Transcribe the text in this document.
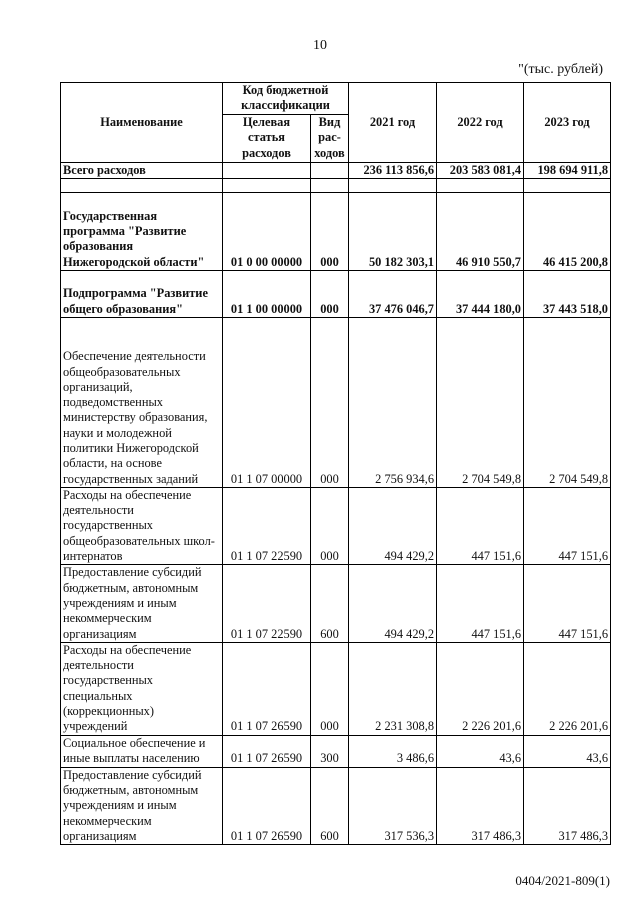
10
"(тыс. рублей)
Наименование	Код бюджетной классификации		2021 год	2022 год	2023 год
	Целевая статья расходов	Вид рас- ходов			
Всего расходов			236 113 856,6	203 583 081,4	198 694 911,8

Государственная программа "Развитие образования Нижегородской области"	01 0 00 00000	000	50 182 303,1	46 910 550,7	46 415 200,8
Подпрограмма "Развитие общего образования"	01 1 00 00000	000	37 476 046,7	37 444 180,0	37 443 518,0
Обеспечение деятельности общеобразовательных организаций, подведомственных министерству образования, науки и молодежной политики Нижегородской области, на основе государственных заданий	01 1 07 00000	000	2 756 934,6	2 704 549,8	2 704 549,8
Расходы на обеспечение деятельности государственных общеобразовательных школ-интернатов	01 1 07 22590	000	494 429,2	447 151,6	447 151,6
Предоставление субсидий бюджетным, автономным учреждениям и иным некоммерческим организациям	01 1 07 22590	600	494 429,2	447 151,6	447 151,6
Расходы на обеспечение деятельности государственных специальных (коррекционных) учреждений	01 1 07 26590	000	2 231 308,8	2 226 201,6	2 226 201,6
Социальное обеспечение и иные выплаты населению	01 1 07 26590	300	3 486,6	43,6	43,6
Предоставление субсидий бюджетным, автономным учреждениям и иным некоммерческим организациям	01 1 07 26590	600	317 536,3	317 486,3	317 486,3
0404/2021-809(1)
